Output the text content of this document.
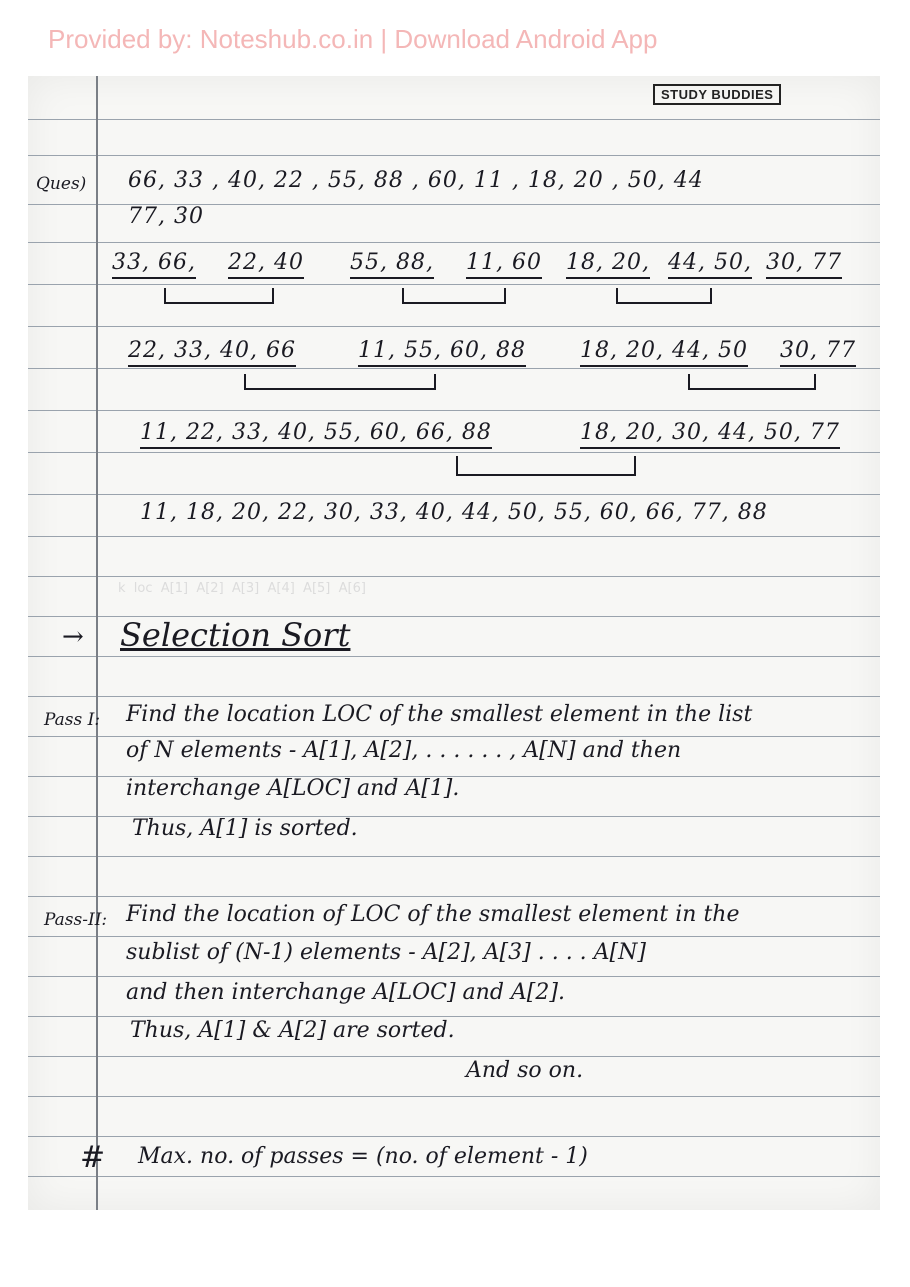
Provided by: Noteshub.co.in | Download Android App
STUDY BUDDIES
k  loc  A[1]  A[2]  A[3]  A[4]  A[5]  A[6]
Ques) 66, 33 , 40, 22 , 55, 88 , 60, 11 , 18, 20 , 50, 44
77, 30
33, 66, 22, 40 55, 88, 11, 60 18, 20, 44, 50, 30, 77
22, 33, 40, 66	11, 55, 60, 88 18, 20, 44, 50 30, 77
11, 22, 33, 40, 55, 60, 66, 88	18, 20, 30, 44, 50, 77
11, 18, 20, 22, 30, 33, 40, 44, 50, 55, 60, 66, 77, 88
→ Selection Sort
Pass I: Find the location LOC of the smallest element in the list
of N elements - A[1], A[2], . . . . . . , A[N] and then
interchange A[LOC] and A[1].
Thus, A[1] is sorted.
Pass-II: Find the location of LOC of the smallest element in the
sublist of (N-1) elements - A[2], A[3] . . . . A[N]
and then interchange A[LOC] and A[2].
Thus, A[1] & A[2] are sorted.
And so on.
# Max. no. of passes = (no. of element - 1)
